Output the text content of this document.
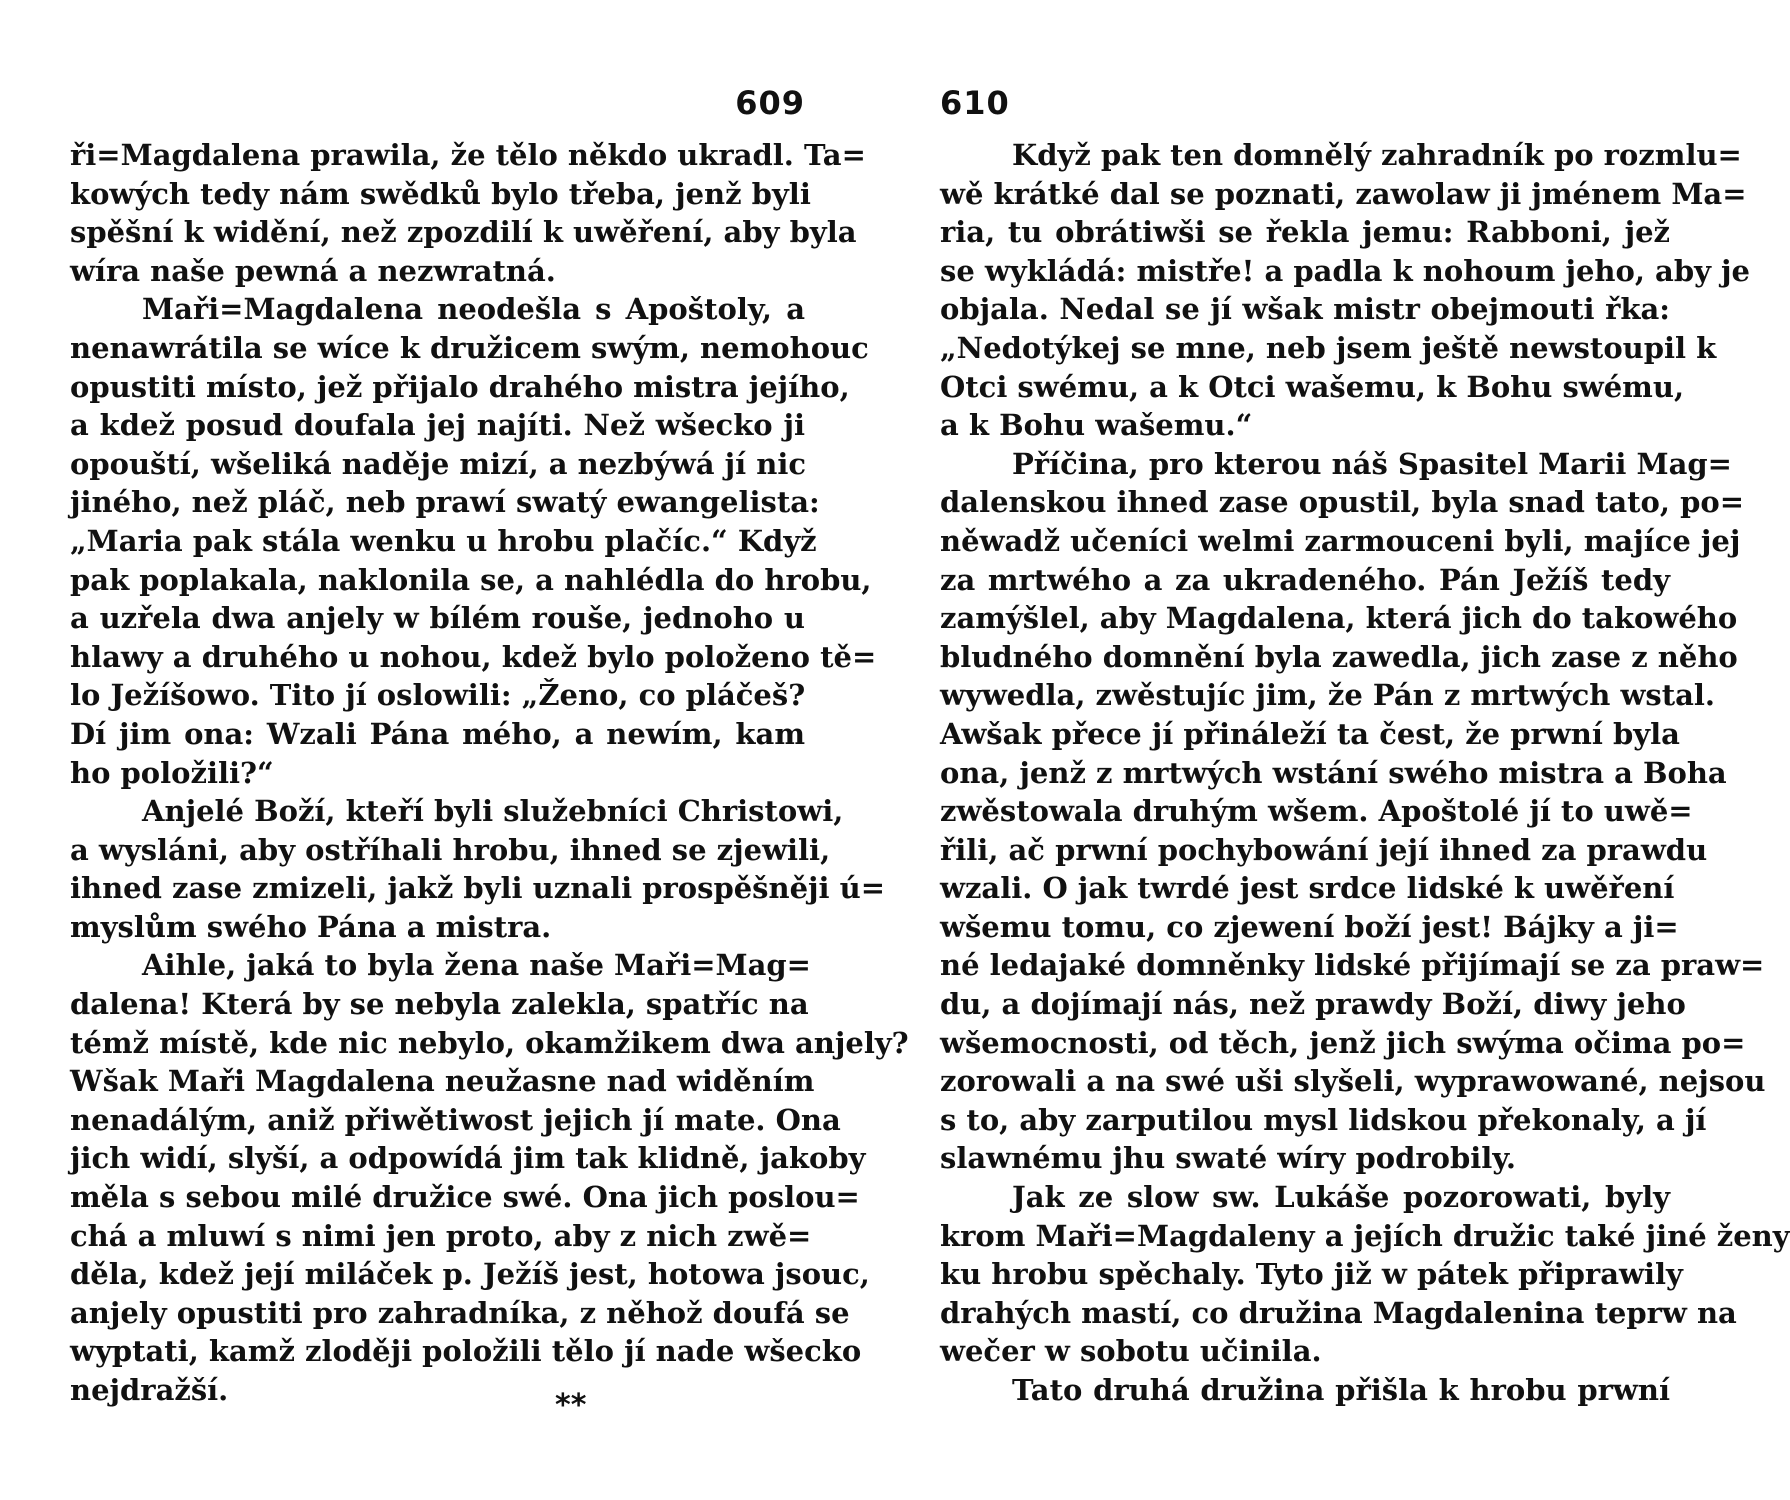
609
ři=Magdalena prawila, že tělo někdo ukradl. Ta=
kowých tedy nám swědků bylo třeba, jenž byli
spěšní k widění, než zpozdilí k uwěření, aby byla
wíra naše pewná a nezwratná.
Maři=Magdalena neodešla s Apoštoly, a
nenawrátila se wíce k družicem swým, nemohouc
opustiti místo, jež přijalo drahého mistra jejího,
a kdež posud doufala jej najíti. Než wšecko ji
opouští, wšeliká naděje mizí, a nezbýwá jí nic
jiného, než pláč, neb prawí swatý ewangelista:
„Maria pak stála wenku u hrobu plačíc.“ Když
pak poplakala, naklonila se, a nahlédla do hrobu,
a uzřela dwa anjely w bílém rouše, jednoho u
hlawy a druhého u nohou, kdež bylo položeno tě=
lo Ježíšowo. Tito jí oslowili: „Ženo, co pláčeš?
Dí jim ona: Wzali Pána mého, a newím, kam
ho položili?“
Anjelé Boží, kteří byli služebníci Christowi,
a wysláni, aby ostříhali hrobu, ihned se zjewili,
ihned zase zmizeli, jakž byli uznali prospěšněji ú=
myslům swého Pána a mistra.
Aihle, jaká to byla žena naše Maři=Mag=
dalena! Která by se nebyla zalekla, spatříc na
témž místě, kde nic nebylo, okamžikem dwa anjely?
Wšak Maři Magdalena neužasne nad widěním
nenadálým, aniž přiwětiwost jejich jí mate. Ona
jich widí, slyší, a odpowídá jim tak klidně, jakoby
měla s sebou milé družice swé. Ona jich poslou=
chá a mluwí s nimi jen proto, aby z nich zwě=
děla, kdež její miláček p. Ježíš jest, hotowa jsouc,
anjely opustiti pro zahradníka, z něhož doufá se
wyptati, kamž zloději položili tělo jí nade wšecko
nejdražší.	**
610
Když pak ten domnělý zahradník po rozmlu=
wě krátké dal se poznati, zawolaw ji jménem Ma=
ria, tu obrátiwši se řekla jemu: Rabboni, jež
se wykládá: mistře! a padla k nohoum jeho, aby je
objala. Nedal se jí wšak mistr obejmouti řka:
„Nedotýkej se mne, neb jsem ještě newstoupil k
Otci swému, a k Otci wašemu, k Bohu swému,
a k Bohu wašemu.“
Příčina, pro kterou náš Spasitel Marii Mag=
dalenskou ihned zase opustil, byla snad tato, po=
něwadž učeníci welmi zarmouceni byli, majíce jej
za mrtwého a za ukradeného. Pán Ježíš tedy
zamýšlel, aby Magdalena, která jich do takowého
bludného domnění byla zawedla, jich zase z něho
wywedla, zwěstujíc jim, že Pán z mrtwých wstal.
Awšak přece jí přináleží ta čest, že prwní byla
ona, jenž z mrtwých wstání swého mistra a Boha
zwěstowala druhým wšem. Apoštolé jí to uwě=
řili, ač prwní pochybowání její ihned za prawdu
wzali. O jak twrdé jest srdce lidské k uwěření
wšemu tomu, co zjewení boží jest! Bájky a ji=
né ledajaké domněnky lidské přijímají se za praw=
du, a dojímají nás, než prawdy Boží, diwy jeho
wšemocnosti, od těch, jenž jich swýma očima po=
zorowali a na swé uši slyšeli, wyprawowané, nejsou
s to, aby zarputilou mysl lidskou překonaly, a jí
slawnému jhu swaté wíry podrobily.
Jak ze slow sw. Lukáše pozorowati, byly
krom Maři=Magdaleny a jejích družic také jiné ženy
ku hrobu spěchaly. Tyto již w pátek připrawily
drahých mastí, co družina Magdalenina teprw na
wečer w sobotu učinila.
Tato druhá družina přišla k hrobu prwní
